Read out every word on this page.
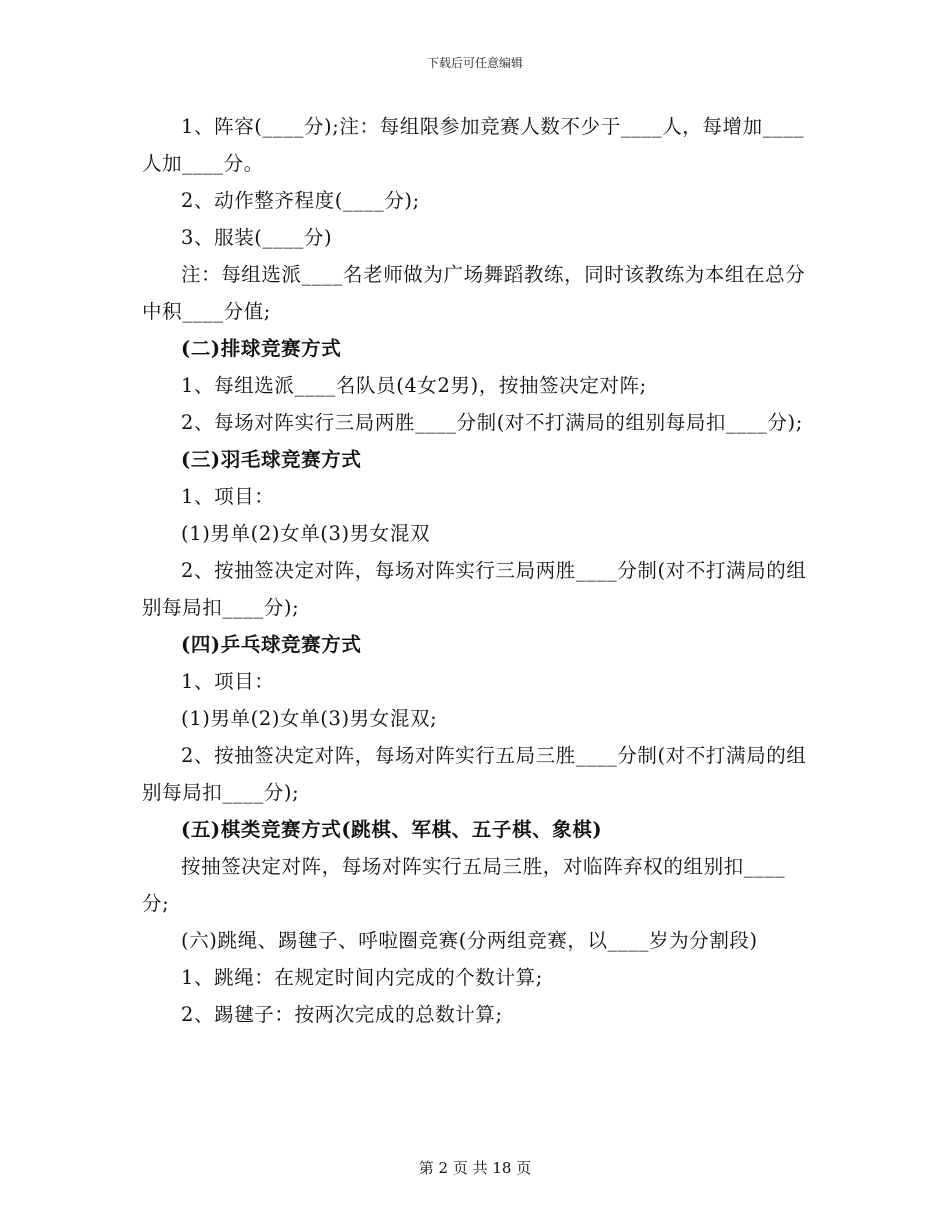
下载后可任意编辑

1、阵容(____分);注：每组限参加竞赛人数不少于____人，每增加____人加____分。

2、动作整齐程度(____分);

3、服装(____分)

注：每组选派____名老师做为广场舞蹈教练，同时该教练为本组在总分中积____分值;

(二)排球竞赛方式

1、每组选派____名队员(4女2男)，按抽签决定对阵;

2、每场对阵实行三局两胜____分制(对不打满局的组别每局扣____分);

(三)羽毛球竞赛方式

1、项目：

(1)男单(2)女单(3)男女混双

2、按抽签决定对阵，每场对阵实行三局两胜____分制(对不打满局的组别每局扣____分);

(四)乒乓球竞赛方式

1、项目：

(1)男单(2)女单(3)男女混双;

2、按抽签决定对阵，每场对阵实行五局三胜____分制(对不打满局的组别每局扣____分);

(五)棋类竞赛方式(跳棋、军棋、五子棋、象棋)

按抽签决定对阵，每场对阵实行五局三胜，对临阵弃权的组别扣____分;

(六)跳绳、踢毽子、呼啦圈竞赛(分两组竞赛，以____岁为分割段)

1、跳绳：在规定时间内完成的个数计算;

2、踢毽子：按两次完成的总数计算;

第 2 页 共 18 页
